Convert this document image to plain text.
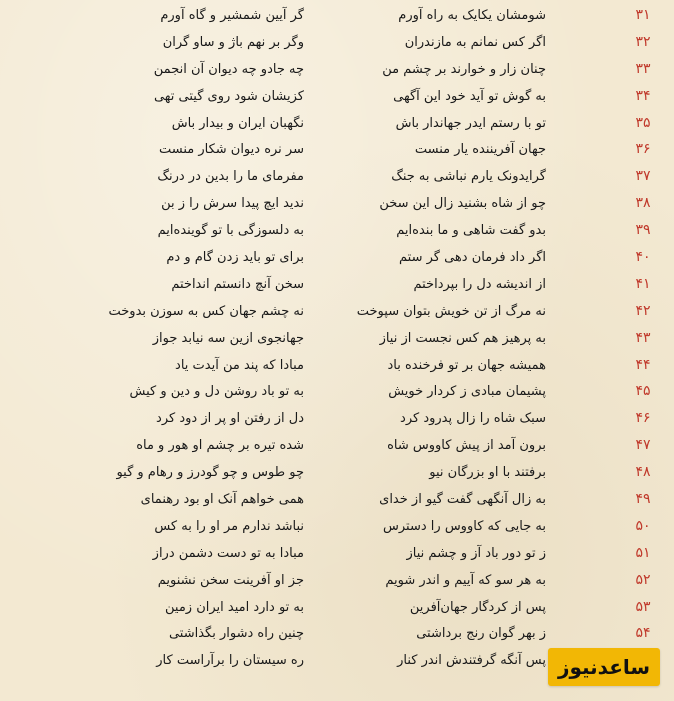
۳۱
شومشان یکایک به راه آورم
گر آیین شمشیر و گاه آورم
۳۲
اگر کس نمانم به مازندران
وگر بر نهم باژ و ساو گران
۳۳
چنان زار و خوارند بر چشم من
چه جادو چه دیوان آن انجمن
۳۴
به گوش تو آید خود این آگهی
کزیشان شود روی گیتی تهی
۳۵
تو با رستم ایدر جهاندار باش
نگهبان ایران و بیدار باش
۳۶
جهان آفریننده یار منست
سر نره دیوان شکار منست
۳۷
گرایدونک یارم نباشی به جنگ
مفرمای ما را بدین در درنگ
۳۸
چو از شاه بشنید زال این سخن
ندید ایچ پیدا سرش را ز بن
۳۹
بدو گفت شاهی و ما بنده‌ایم
به دلسوزگی با تو گوینده‌ایم
۴۰
اگر داد فرمان دهی گر ستم
برای تو باید زدن گام و دم
۴۱
از اندیشه دل را بپرداختم
سخن آنچ دانستم انداختم
۴۲
نه مرگ از تن خویش بتوان سپوخت
نه چشم جهان کس به سوزن بدوخت
۴۳
به پرهیز هم کس نجست از نیاز
جهانجوی ازین سه نیابد جواز
۴۴
همیشه جهان بر تو فرخنده باد
مبادا که پند من آیدت یاد
۴۵
پشیمان مبادی ز کردار خویش
به تو باد روشن دل و دین و کیش
۴۶
سبک شاه را زال پدرود کرد
دل از رفتن او پر از دود کرد
۴۷
برون آمد از پیش کاووس شاه
شده تیره بر چشم او هور و ماه
۴۸
برفتند با او بزرگان نیو
چو طوس و چو گودرز و رهام و گیو
۴۹
به زال آنگهی گفت گیو از خدای
همی خواهم آنک او بود رهنمای
۵۰
به جایی که کاووس را دسترس
نباشد ندارم مر او را به کس
۵۱
ز تو دور باد آز و چشم نیاز
مبادا به تو دست دشمن دراز
۵۲
به هر سو که آییم و اندر شویم
جز او آفرینت سخن نشنویم
۵۳
پس از کردگار جهان‌آفرین
به تو دارد امید ایران زمین
۵۴
ز بهر گوان رنج برداشتی
چنین راه دشوار بگذاشتی
پس آنگه گرفتندش اندر کنار
ره سیستان را برآراست کار	ساعدنیوز
